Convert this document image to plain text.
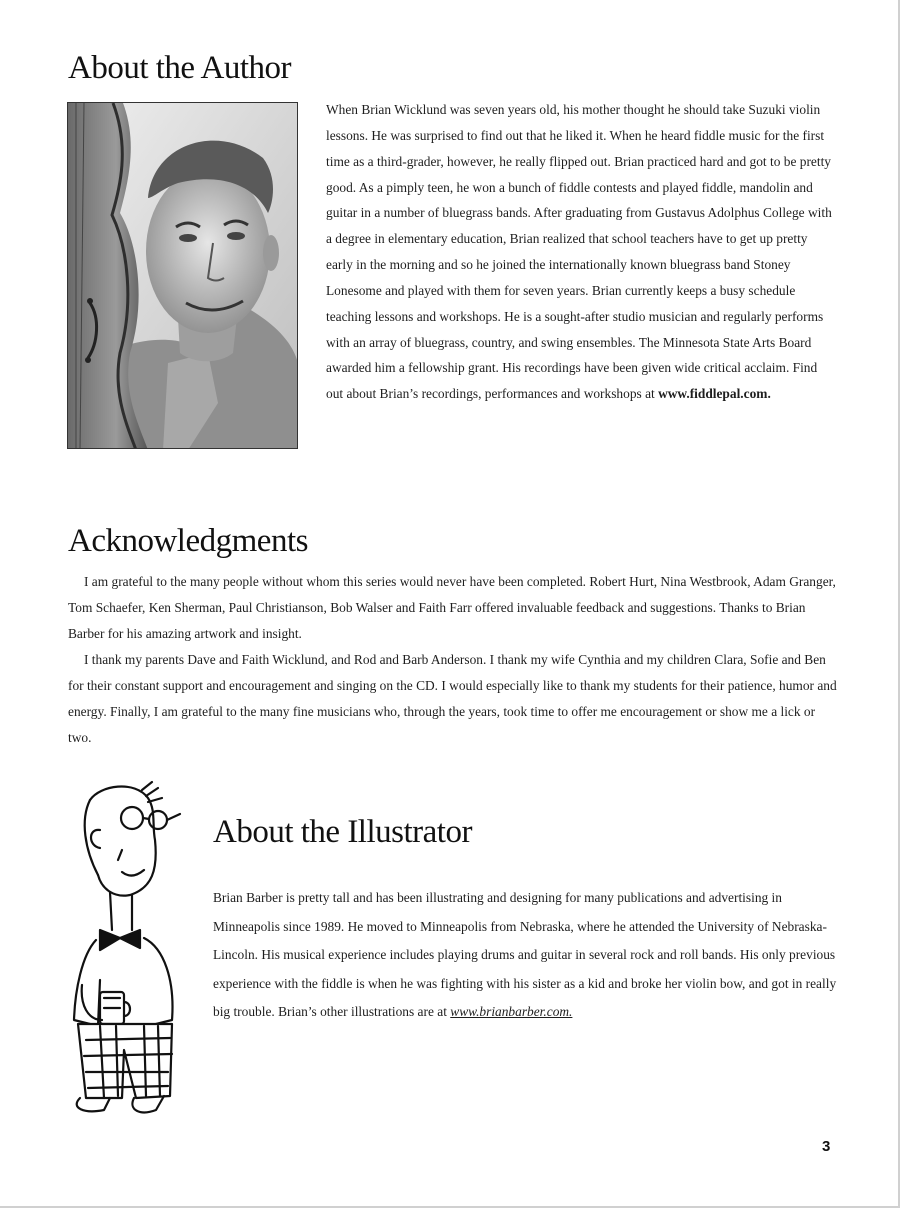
About the Author

When Brian Wicklund was seven years old, his mother thought he should take Suzuki violin lessons. He was surprised to find out that he liked it. When he heard fiddle music for the first time as a third-grader, however, he really flipped out. Brian practiced hard and got to be pretty good. As a pimply teen, he won a bunch of fiddle contests and played fiddle, mandolin and guitar in a number of bluegrass bands. After graduating from Gustavus Adolphus College with a degree in elementary education, Brian realized that school teachers have to get up pretty early in the morning and so he joined the internationally known bluegrass band Stoney Lonesome and played with them for seven years. Brian currently keeps a busy schedule teaching lessons and workshops. He is a sought-after studio musician and regularly performs with an array of bluegrass, country, and swing ensembles. The Minnesota State Arts Board awarded him a fellowship grant. His recordings have been given wide critical acclaim. Find out about Brian’s recordings, performances and workshops at www.fiddlepal.com.

Acknowledgments

I am grateful to the many people without whom this series would never have been completed. Robert Hurt, Nina Westbrook, Adam Granger, Tom Schaefer, Ken Sherman, Paul Christianson, Bob Walser and Faith Farr offered invaluable feedback and suggestions. Thanks to Brian Barber for his amazing artwork and insight.

I thank my parents Dave and Faith Wicklund, and Rod and Barb Anderson. I thank my wife Cynthia and my children Clara, Sofie and Ben for their constant support and encouragement and singing on the CD. I would especially like to thank my students for their patience, humor and energy. Finally, I am grateful to the many fine musicians who, through the years, took time to offer me encouragement or show me a lick or two.

About the Illustrator

Brian Barber is pretty tall and has been illustrating and designing for many publications and advertising in Minneapolis since 1989. He moved to Minneapolis from Nebraska, where he attended the University of Nebraska-Lincoln. His musical experience includes playing drums and guitar in several rock and roll bands. His only previous experience with the fiddle is when he was fighting with his sister as a kid and broke her violin bow, and got in really big trouble. Brian’s other illustrations are at www.brianbarber.com.

3
